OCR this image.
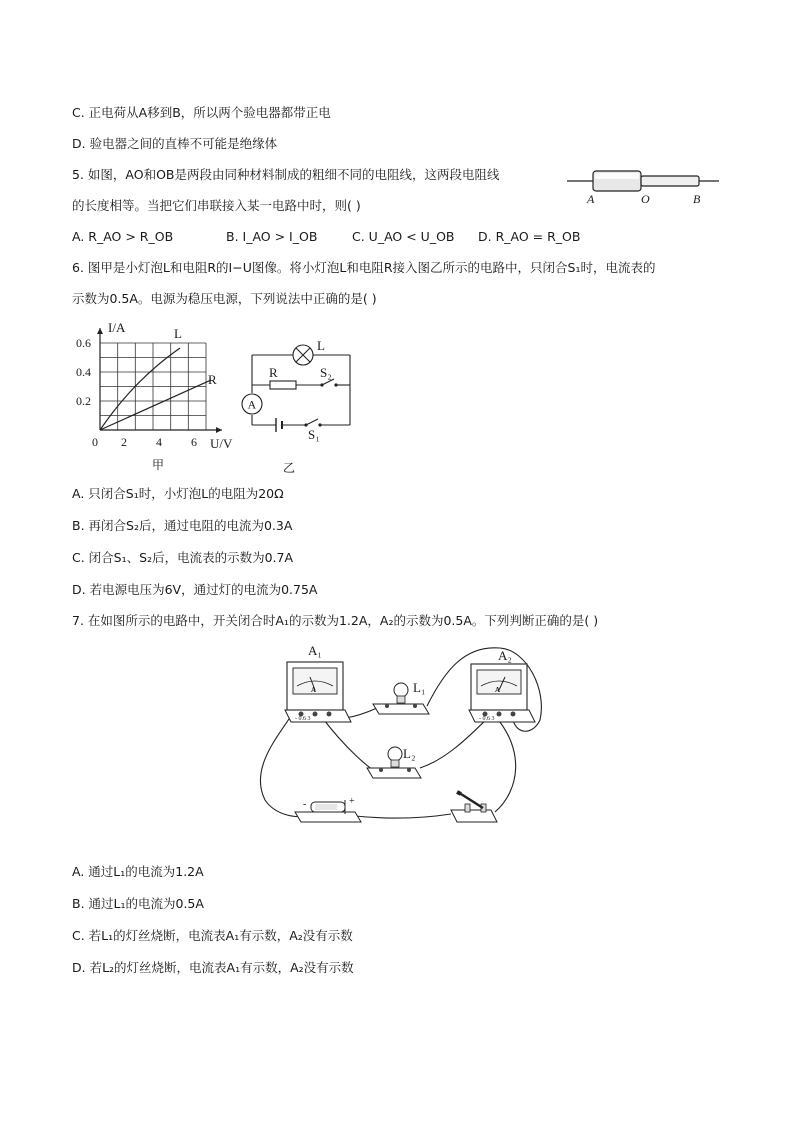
C. 正电荷从A移到B，所以两个验电器都带正电
D. 验电器之间的直棒不可能是绝缘体
5. 如图，AO和OB是两段由同种材料制成的粗细不同的电阻线，这两段电阻线
的长度相等。当把它们串联接入某一电路中时，则( )	A	O	B
A. R_AO > R_OB	B. I_AO > I_OB	C. U_AO < U_OB D. R_AO = R_OB
6. 图甲是小灯泡L和电阻R的I−U图像。将小灯泡L和电阻R接入图乙所示的电路中，只闭合S₁时，电流表的
示数为0.5A。电源为稳压电源，下列说法中正确的是( )
I/A
U/V
0.6
0.4
0.2
0 2 4 6
L
R
甲
A
L
R	S₂
S₁
乙
A. 只闭合S₁时，小灯泡L的电阻为20Ω
B. 再闭合S₂后，通过电阻的电流为0.3A
C. 闭合S₁、S₂后，电流表的示数为0.7A
D. 若电源电压为6V，通过灯的电流为0.75A
7. 在如图所示的电路中，开关闭合时A₁的示数为1.2A，A₂的示数为0.5A。下列判断正确的是( )
A
- 0.6 3
A₁
L₁	A
- 0.6 3
A₂
L₂
-	+
A. 通过L₁的电流为1.2A
B. 通过L₁的电流为0.5A
C. 若L₁的灯丝烧断，电流表A₁有示数，A₂没有示数
D. 若L₂的灯丝烧断，电流表A₁有示数，A₂没有示数
